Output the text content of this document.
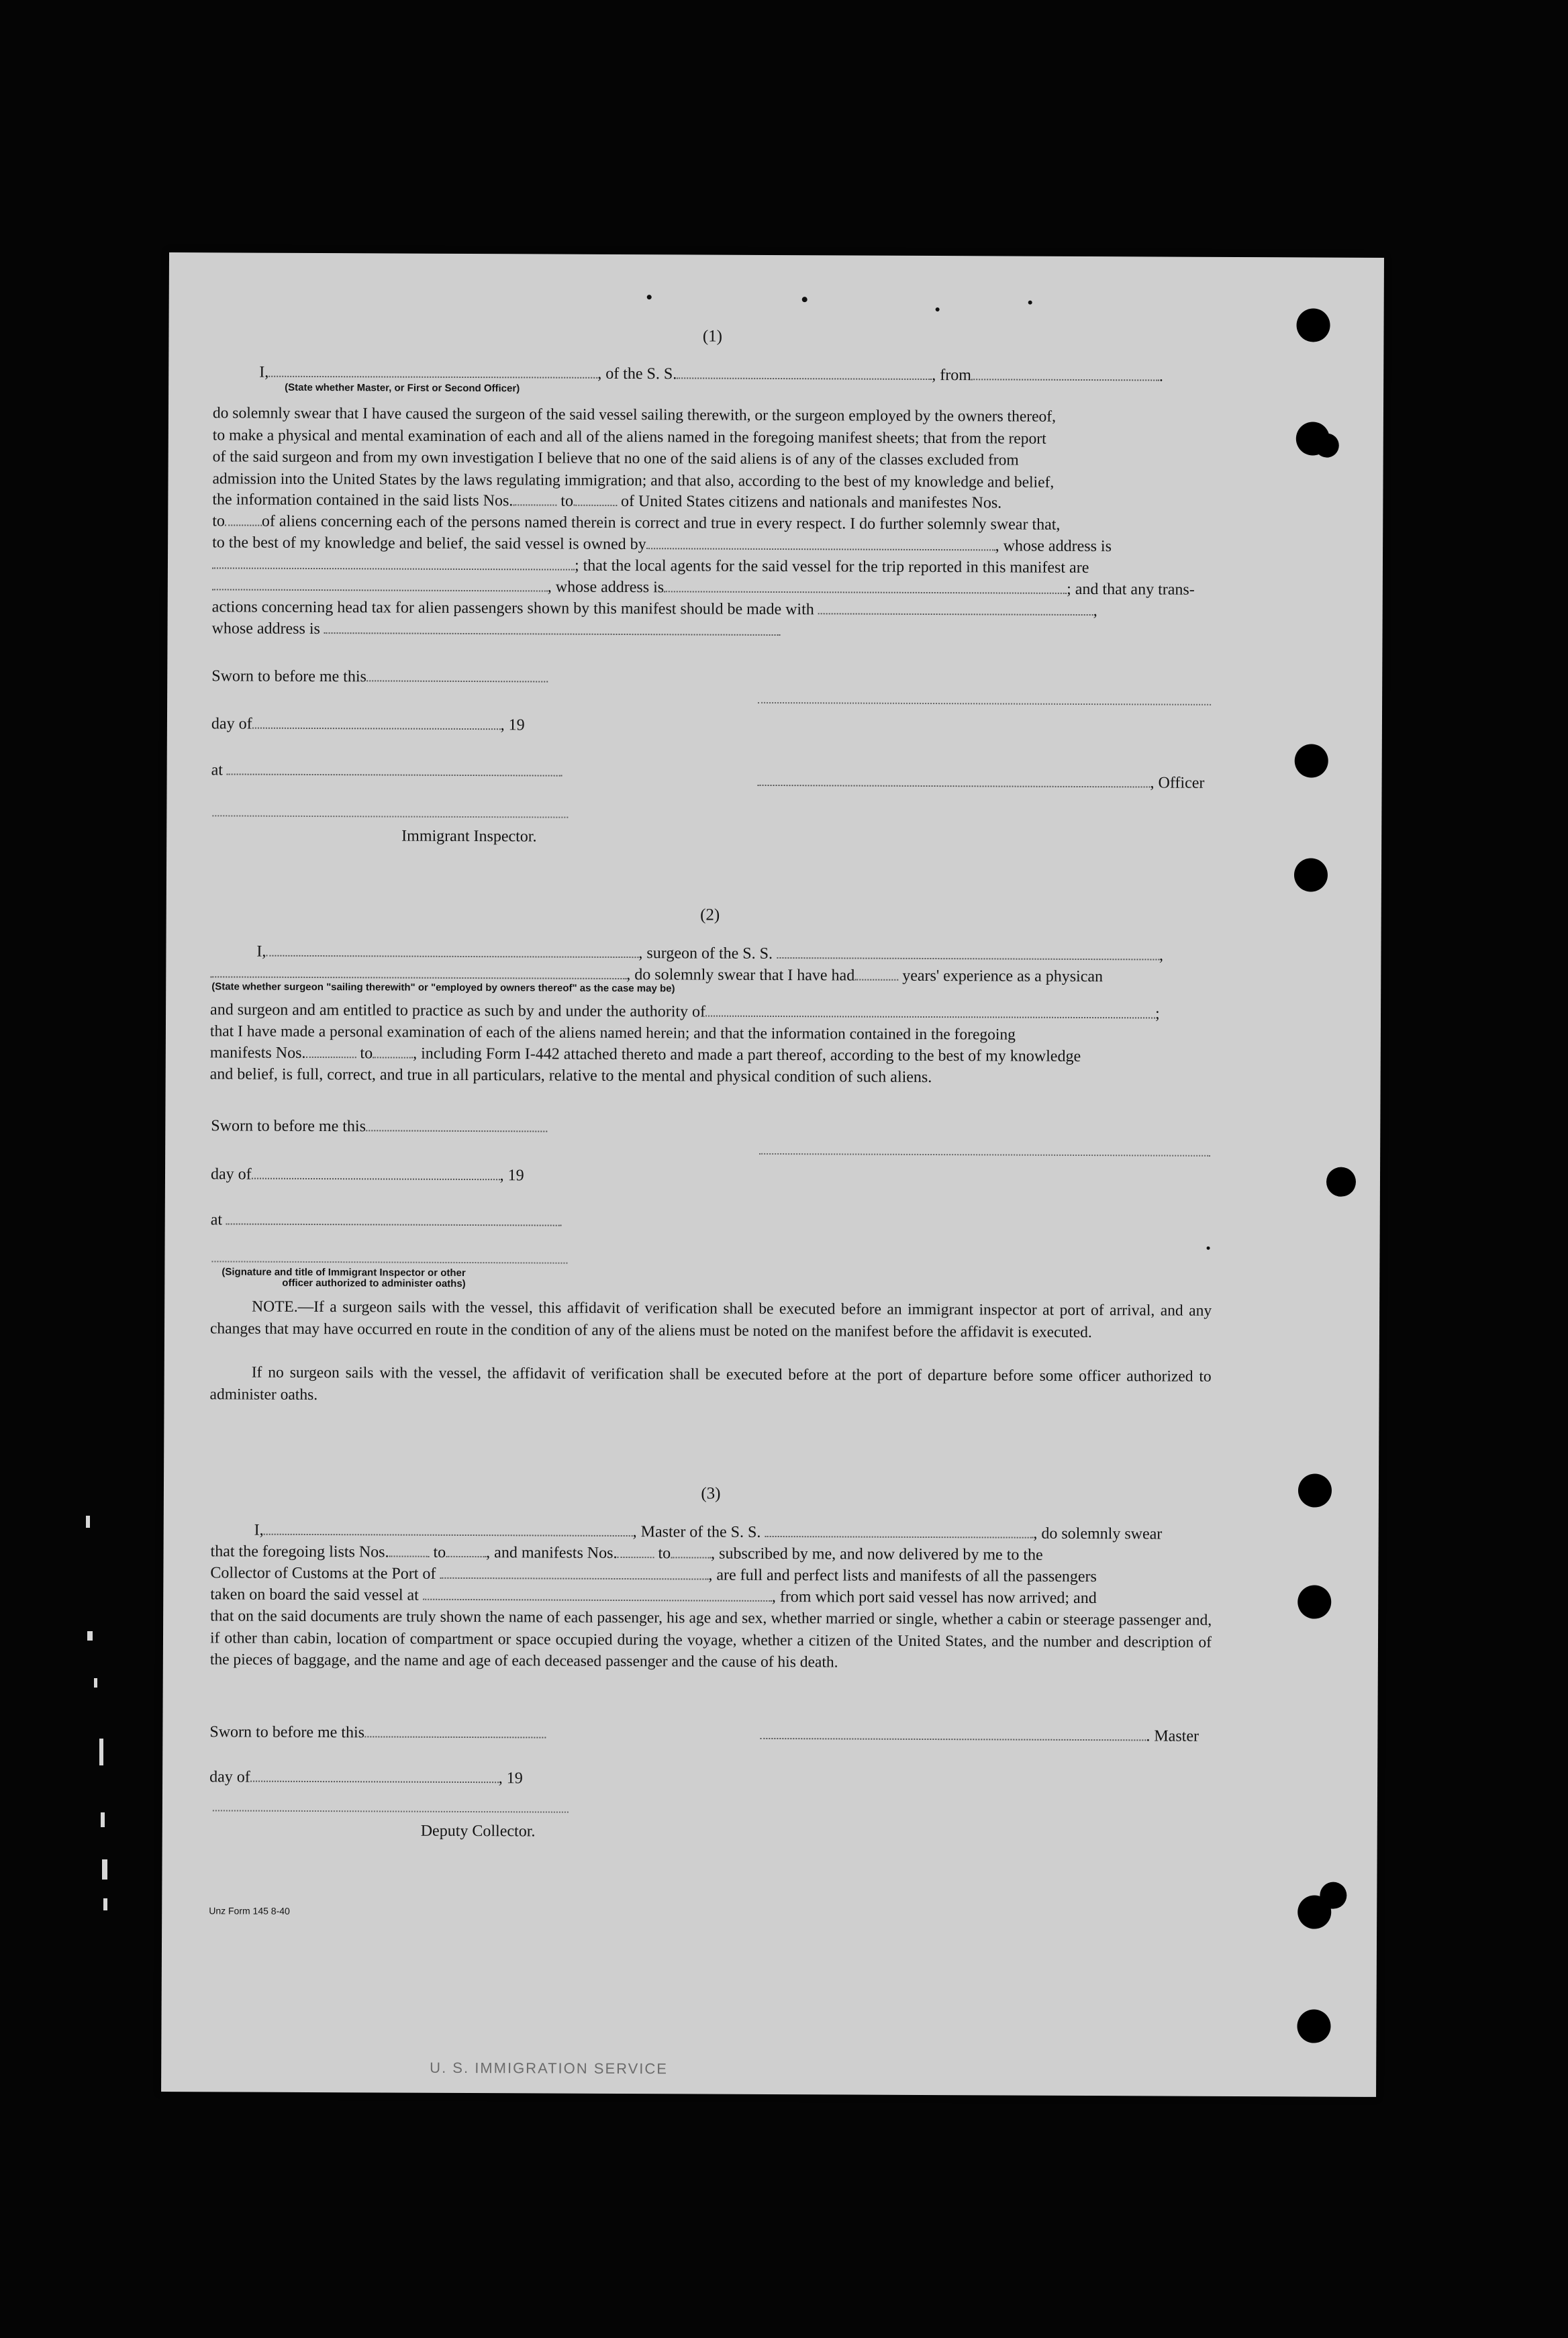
(1)
I,	, of the S. S.	, from	.
(State whether Master, or First or Second Officer)
do solemnly swear that I have caused the surgeon of the said vessel sailing therewith, or the surgeon employed by the owners thereof,
to make a physical and mental examination of each and all of the aliens named in the foregoing manifest sheets; that from the report
of the said surgeon and from my own investigation I believe that no one of the said aliens is of any of the classes excluded from
admission into the United States by the laws regulating immigration; and that also, according to the best of my knowledge and belief,
the information contained in the said lists Nos.	to	of United States citizens and nationals and manifestes Nos.
to of aliens concerning each of the persons named therein is correct and true in every respect. I do further solemnly swear that,
to the best of my knowledge and belief, the said vessel is owned by	, whose address is
; that the local agents for the said vessel for the trip reported in this manifest are
, whose address is	; and that any trans-
actions concerning head tax for alien passengers shown by this manifest should be made with	,
whose address is
Sworn to before me this
day of	, 19
at
, Officer
Immigrant Inspector.
(2)
I,	, surgeon of the S. S.	,
, do solemnly swear that I have had	years' experience as a physican
(State whether surgeon "sailing therewith" or "employed by owners thereof" as the case may be)
and surgeon and am entitled to practice as such by and under the authority of	;
that I have made a personal examination of each of the aliens named herein; and that the information contained in the foregoing
manifests Nos.	to , including Form I-442 attached thereto and made a part thereof, according to the best of my knowledge
and belief, is full, correct, and true in all particulars, relative to the mental and physical condition of such aliens.
Sworn to before me this
day of	, 19
at
(Signature and title of Immigrant Inspector or other
officer authorized to administer oaths)
NOTE.—If a surgeon sails with the vessel, this affidavit of verification shall be executed before an immigrant inspector at port of arrival, and any changes that may have occurred en route in the condition of any of the aliens must be noted on the manifest before the affidavit is executed.
If no surgeon sails with the vessel, the affidavit of verification shall be executed before at the port of departure before some officer authorized to administer oaths.
(3)
I,	, Master of the S. S.	, do solemnly swear
that the foregoing lists Nos.	to , and manifests Nos.	to , subscribed by me, and now delivered by me to the
Collector of Customs at the Port of	, are full and perfect lists and manifests of all the passengers
taken on board the said vessel at	, from which port said vessel has now arrived; and
that on the said documents are truly shown the name of each passenger, his age and sex, whether married or single, whether a cabin or steerage passenger and, if other than cabin, location of compartment or space occupied during the voyage, whether a citizen of the United States, and the number and description of the pieces of baggage, and the name and age of each deceased passenger and the cause of his death.
Sworn to before me this	. Master
day of	, 19
Deputy Collector.
Unz Form 145 8-40
U. S. IMMIGRATION SERVICE
